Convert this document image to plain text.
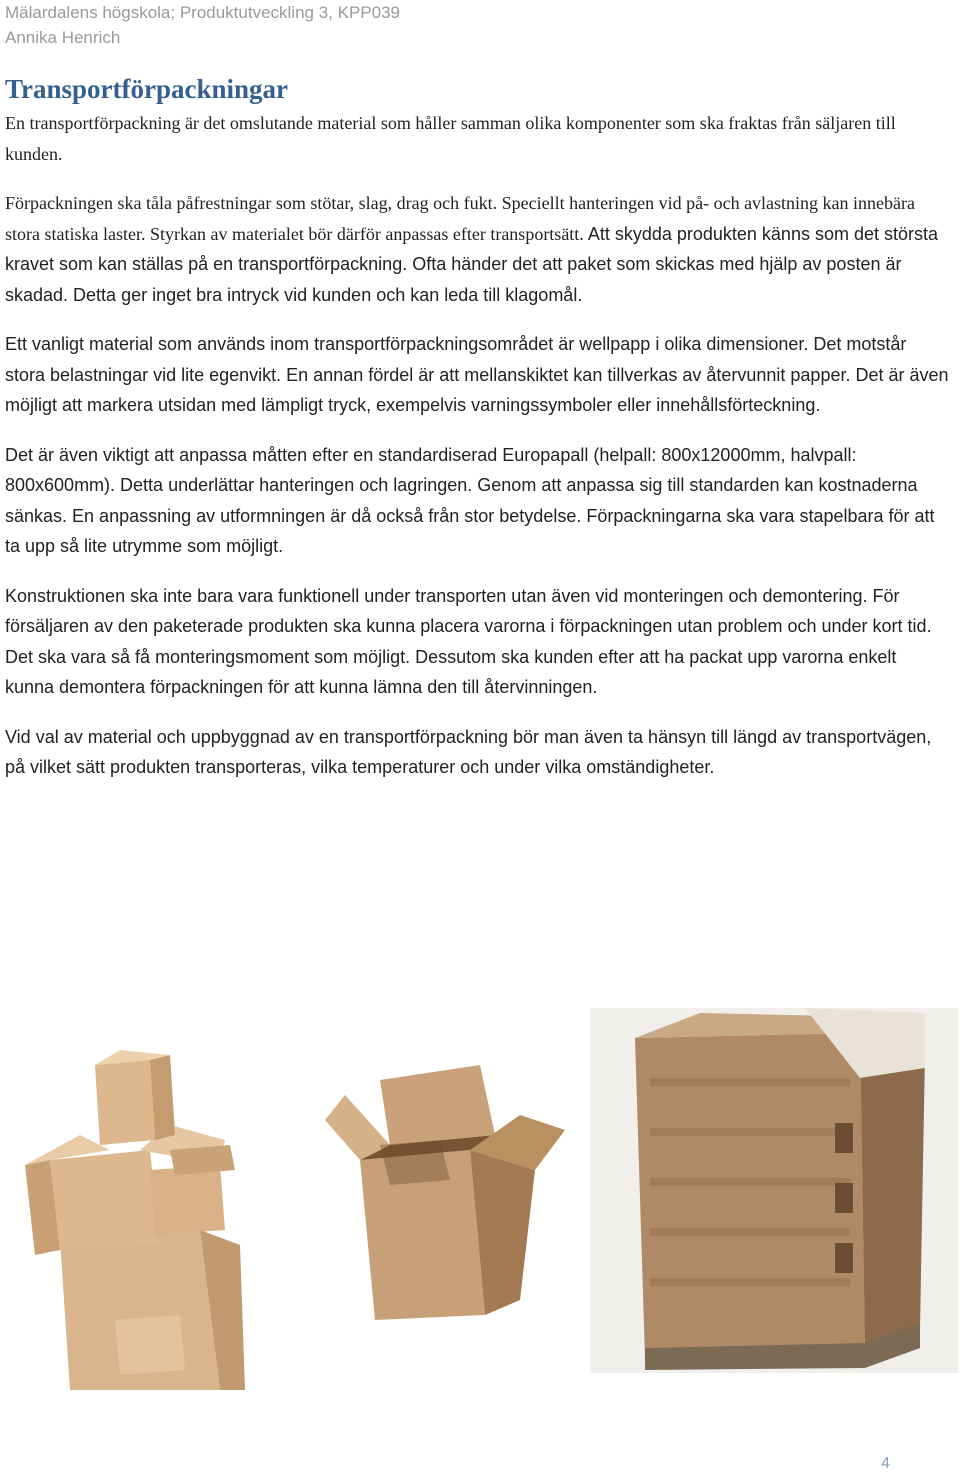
Mälardalens högskola; Produktutveckling 3, KPP039
Annika Henrich
Transportförpackningar

En transportförpackning är det omslutande material som håller samman olika komponenter som ska fraktas från säljaren till kunden.

Förpackningen ska tåla påfrestningar som stötar, slag, drag och fukt. Speciellt hanteringen vid på- och avlastning kan innebära stora statiska laster. Styrkan av materialet bör därför anpassas efter transportsätt. Att skydda produkten känns som det största kravet som kan ställas på en transportförpackning. Ofta händer det att paket som skickas med hjälp av posten är skadad. Detta ger inget bra intryck vid kunden och kan leda till klagomål.

Ett vanligt material som används inom transportförpackningsområdet är wellpapp i olika dimensioner. Det motstår stora belastningar vid lite egenvikt. En annan fördel är att mellanskiktet kan tillverkas av återvunnit papper. Det är även möjligt att markera utsidan med lämpligt tryck, exempelvis varningssymboler eller innehållsförteckning.

Det är även viktigt att anpassa måtten efter en standardiserad Europapall (helpall: 800x12000mm, halvpall: 800x600mm). Detta underlättar hanteringen och lagringen. Genom att anpassa sig till standarden kan kostnaderna sänkas. En anpassning av utformningen är då också från stor betydelse. Förpackningarna ska vara stapelbara för att ta upp så lite utrymme som möjligt.

Konstruktionen ska inte bara vara funktionell under transporten utan även vid monteringen och demontering. För försäljaren av den paketerade produkten ska kunna placera varorna i förpackningen utan problem och under kort tid. Det ska vara så få monteringsmoment som möjligt. Dessutom ska kunden efter att ha packat upp varorna enkelt kunna demontera förpackningen för att kunna lämna den till återvinningen.

Vid val av material och uppbyggnad av en transportförpackning bör man även ta hänsyn till längd av transportvägen, på vilket sätt produkten transporteras, vilka temperaturer och under vilka omständigheter.

4
